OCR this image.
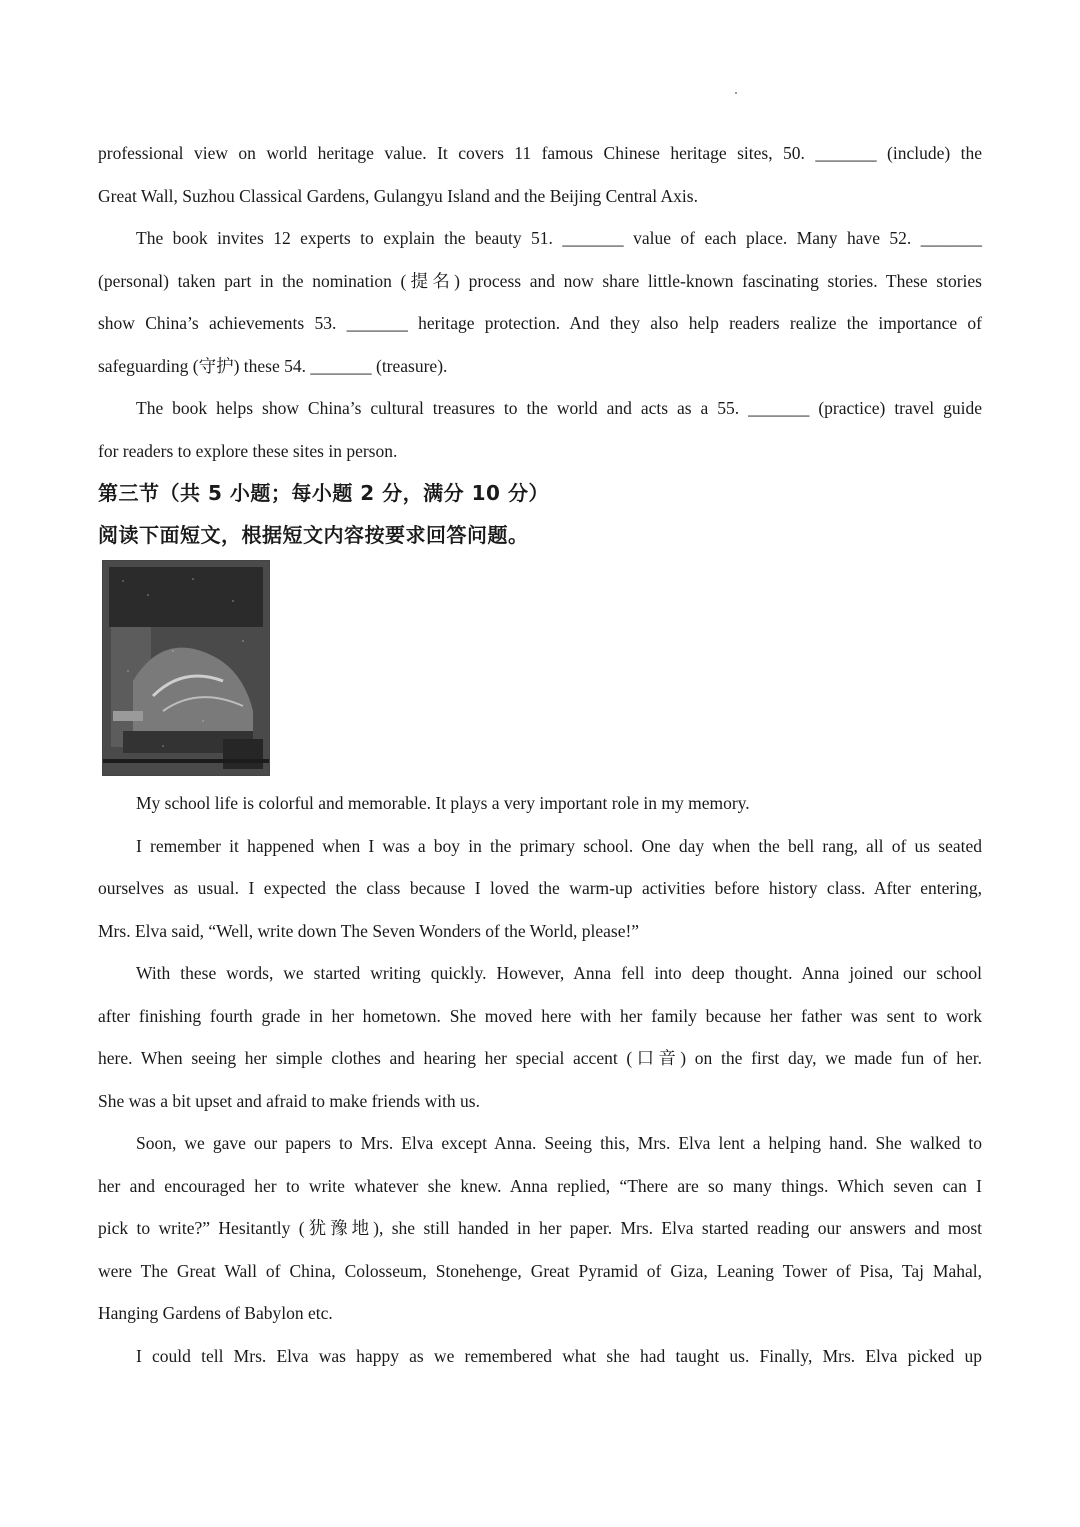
professional view on world heritage value. It covers 11 famous Chinese heritage sites, 50. _______ (include) the
Great Wall, Suzhou Classical Gardens, Gulangyu Island and the Beijing Central Axis.
The book invites 12 experts to explain the beauty 51. _______ value of each place. Many have 52. _______
(personal) taken part in the nomination (提名) process and now share little-known fascinating stories. These stories
show China’s achievements 53. _______ heritage protection. And they also help readers realize the importance of
safeguarding (守护) these 54. _______ (treasure).
The book helps show China’s cultural treasures to the world and acts as a 55. _______ (practice) travel guide
for readers to explore these sites in person.
第三节（共 5 小题；每小题 2 分，满分 10 分）
阅读下面短文，根据短文内容按要求回答问题。
My school life is colorful and memorable. It plays a very important role in my memory.
I remember it happened when I was a boy in the primary school. One day when the bell rang, all of us seated
ourselves as usual. I expected the class because I loved the warm-up activities before history class. After entering,
Mrs. Elva said, “Well, write down The Seven Wonders of the World, please!”
With these words, we started writing quickly. However, Anna fell into deep thought. Anna joined our school
after finishing fourth grade in her hometown. She moved here with her family because her father was sent to work
here. When seeing her simple clothes and hearing her special accent (口音) on the first day, we made fun of her.
She was a bit upset and afraid to make friends with us.
Soon, we gave our papers to Mrs. Elva except Anna. Seeing this, Mrs. Elva lent a helping hand. She walked to
her and encouraged her to write whatever she knew. Anna replied, “There are so many things. Which seven can I
pick to write?” Hesitantly (犹豫地), she still handed in her paper. Mrs. Elva started reading our answers and most
were The Great Wall of China, Colosseum, Stonehenge, Great Pyramid of Giza, Leaning Tower of Pisa, Taj Mahal,
Hanging Gardens of Babylon etc.
I could tell Mrs. Elva was happy as we remembered what she had taught us. Finally, Mrs. Elva picked up
